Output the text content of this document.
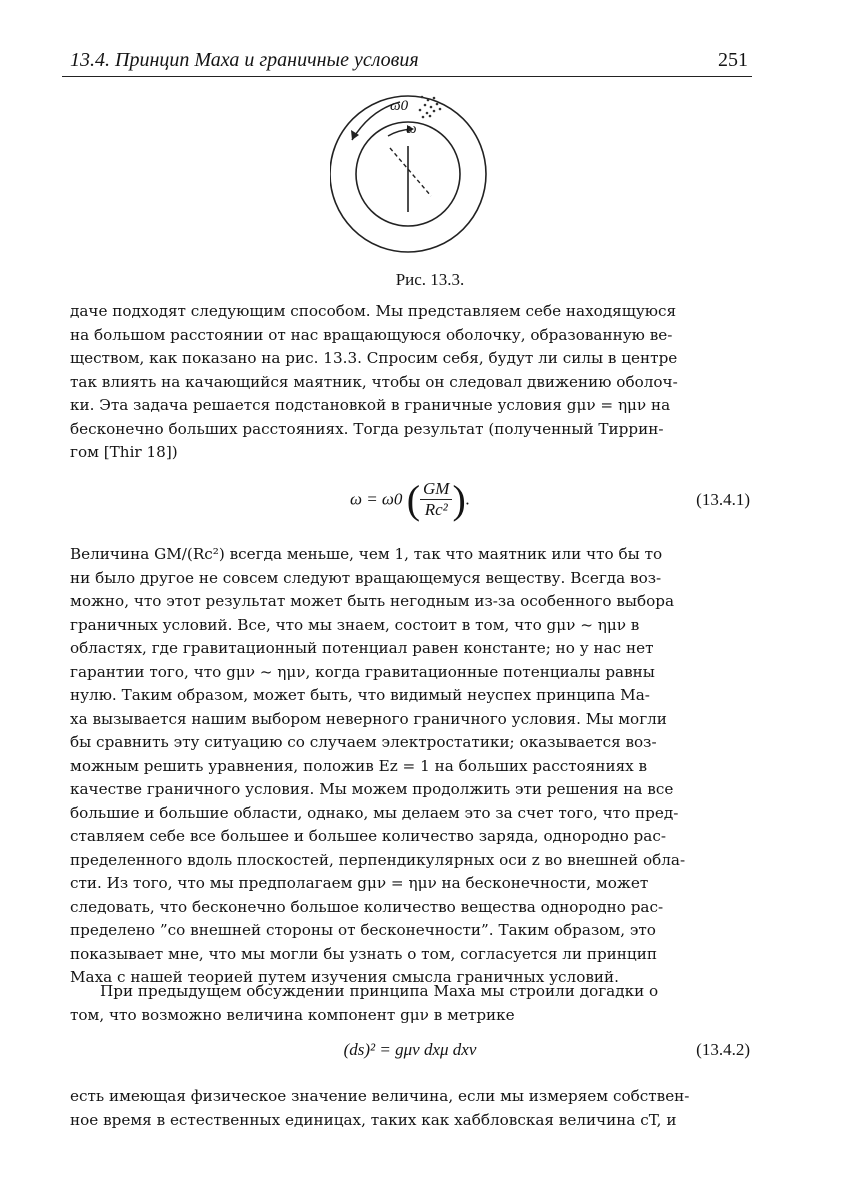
13.4. Принцип Маха и граничные условия	251
ω0
ω
Рис. 13.3.
даче подходят следующим способом. Мы представляем себе находящуюся
на большом расстоянии от нас вращающуюся оболочку, образованную ве-
ществом, как показано на рис. 13.3. Спросим себя, будут ли силы в центре
так влиять на качающийся маятник, чтобы он следовал движению оболоч-
ки. Эта задача решается подстановкой в граничные условия gμν = ημν на
бесконечно больших расстояниях. Тогда результат (полученный Тиррин-
гом [Thir 18])
ω = ω0 ( $\frac{GM}{\text{Rc²}}$ ).	(13.4.1)
Величина GM/(Rc²) всегда меньше, чем 1, так что маятник или что бы то
ни было другое не совсем следуют вращающемуся веществу. Всегда воз-
можно, что этот результат может быть негодным из-за особенного выбора
граничных условий. Все, что мы знаем, состоит в том, что gμν ~ ημν в
областях, где гравитационный потенциал равен константе; но у нас нет
гарантии того, что gμν ~ ημν, когда гравитационные потенциалы равны
нулю. Таким образом, может быть, что видимый неуспех принципа Ма-
ха вызывается нашим выбором неверного граничного условия. Мы могли
бы сравнить эту ситуацию со случаем электростатики; оказывается воз-
можным решить уравнения, положив Ez = 1 на больших расстояниях в
качестве граничного условия. Мы можем продолжить эти решения на все
большие и большие области, однако, мы делаем это за счет того, что пред-
ставляем себе все большее и большее количество заряда, однородно рас-
пределенного вдоль плоскостей, перпендикулярных оси z во внешней обла-
сти. Из того, что мы предполагаем gμν = ημν на бесконечности, может
следовать, что бесконечно большое количество вещества однородно рас-
пределено ”со внешней стороны от бесконечности”. Таким образом, это
показывает мне, что мы могли бы узнать о том, согласуется ли принцип
Маха с нашей теорией путем изучения смысла граничных условий.
При предыдущем обсуждении принципа Маха мы строили догадки о
том, что возможно величина компонент gμν в метрике
(ds)² = gμν dxμ dxν	(13.4.2)
есть имеющая физическое значение величина, если мы измеряем собствен-
ное время в естественных единицах, таких как хаббловская величина cT, и
